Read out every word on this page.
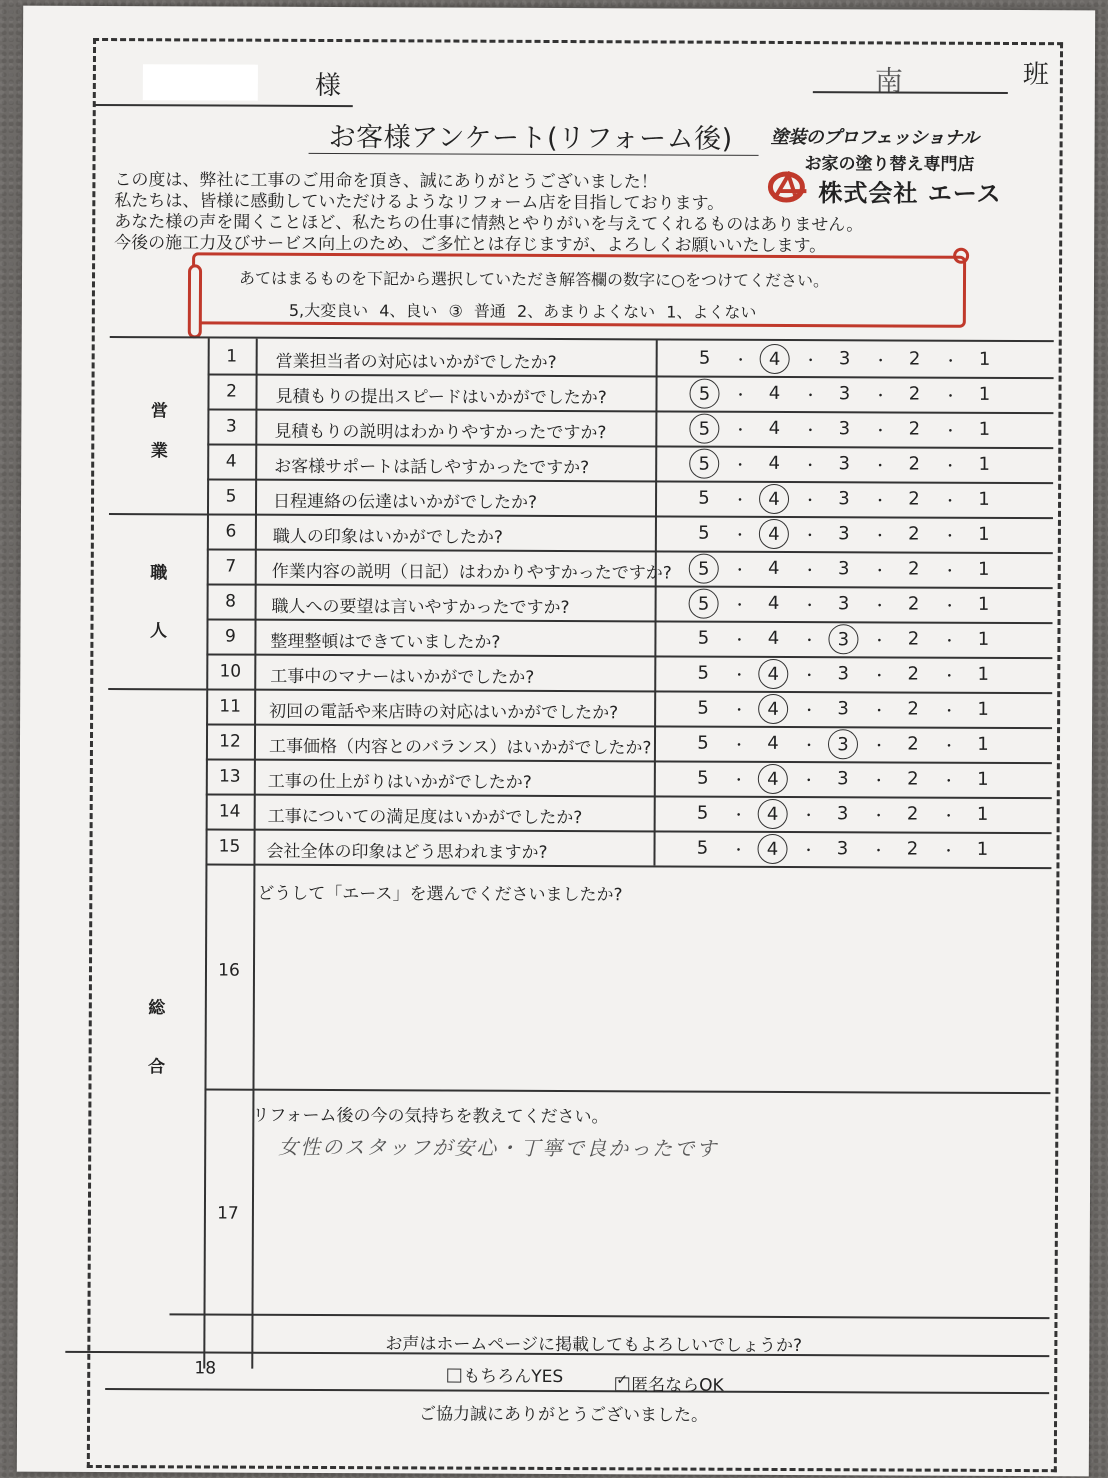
様	南	班
お客様アンケート(リフォーム後) 塗装のプロフェッショナル
お家の塗り替え専門店
株式会社 エース
この度は、弊社に工事のご用命を頂き、誠にありがとうございました！
私たちは、皆様に感動していただけるようなリフォーム店を目指しております。
あなた様の声を聞くことほど、私たちの仕事に情熱とやりがいを与えてくれるものはありません。
今後の施工力及びサービス向上のため、ご多忙とは存じますが、よろしくお願いいたします。
あてはまるものを下記から選択していただき解答欄の数字に○をつけてください。
5,大変良い 4、良い ③ 普通 2、あまりよくない 1、よくない
営
業
職
人
総
合
1	営業担当者の対応はいかがでしたか?	5	・	4	・	3	・	2	・	1
2	見積もりの提出スピードはいかがでしたか?	5	・	4	・	3	・	2	・	1
3	見積もりの説明はわかりやすかったですか?	5	・	4	・	3	・	2	・	1
4	お客様サポートは話しやすかったですか?	5	・	4	・	3	・	2	・	1
5	日程連絡の伝達はいかがでしたか?	5	・	4	・	3	・	2	・	1
6	職人の印象はいかがでしたか?	5	・	4	・	3	・	2	・	1
7	作業内容の説明（日記）はわかりやすかったですか?	5	・	4	・	3	・	2	・	1
8	職人への要望は言いやすかったですか?	5	・	4	・	3	・	2	・	1
9	整理整頓はできていましたか?	5	・	4	・	3	・	2	・	1
10	工事中のマナーはいかがでしたか?	5	・	4	・	3	・	2	・	1
11	初回の電話や来店時の対応はいかがでしたか?	5	・	4	・	3	・	2	・	1
12	工事価格（内容とのバランス）はいかがでしたか?	5	・	4	・	3	・	2	・	1
13	工事の仕上がりはいかがでしたか?	5	・	4	・	3	・	2	・	1
14	工事についての満足度はいかがでしたか?	5	・	4	・	3	・	2	・	1
15	会社全体の印象はどう思われますか?	5	・	4	・	3	・	2	・	1
16
どうして「エース」を選んでくださいましたか?
17
リフォーム後の今の気持ちを教えてください。
女性のスタッフが安心・丁寧で良かったです
18
お声はホームページに掲載してもよろしいでしょうか?
もちろんYES
✓	匿名ならOK
ご協力誠にありがとうございました。
